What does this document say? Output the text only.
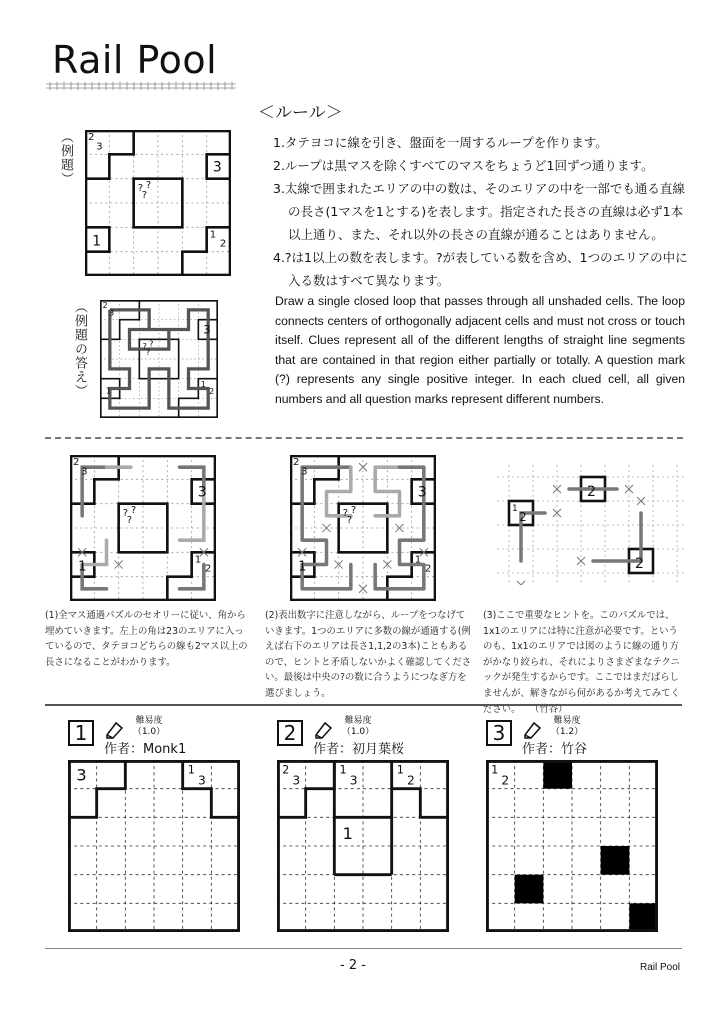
Rail Pool
＜ルール＞
（例題）
（例題の答え）
2
3
3
? ?
?
1	1
2
2
3
3
? ?
?
1
1
2
1.タテヨコに線を引き、盤面を一周するループを作ります。
2.ループは黒マスを除くすべてのマスをちょうど1回ずつ通ります。
3.太線で囲まれたエリアの中の数は、そのエリアの中を一部でも通る直線
の長さ(1マスを1とする)を表します。指定された長さの直線は必ず1本
以上通り、また、それ以外の長さの直線が通ることはありません。
4.?は1以上の数を表します。?が表している数を含め、1つのエリアの中に
入る数はすべて異なります。
Draw a single closed loop that passes through all unshaded cells. The loop connects centers of orthogonally adjacent cells and must not cross or touch itself. Clues represent all of the different lengths of straight line segments that are contained in that region either partially or totally. A question mark (?) represents any single positive integer. In each clued cell, all given numbers and all question marks represent different numbers.
2
3
3
? ?
?
1	1
2
2
3
3
? ?
?
1	1
2
2
1
2
2
(1)全マス通過パズルのセオリーに従い、角から埋めていきます。左上の角は23のエリアに入っているので、タテヨコどちらの線も2マス以上の長さになることがわかります。
(2)表出数字に注意しながら、ループをつなげていきます。1つのエリアに多数の線が通過する(例えば右下のエリアは長さ1,1,2の3本)こともあるので、ヒントと矛盾しないかよく確認してください。最後は中央の?の数に合うようにつなぎ方を選びましょう。
(3)ここで重要なヒントを。このパズルでは、1x1のエリアには特に注意が必要です。というのも、1x1のエリアでは図のように線の通り方がかなり絞られ、それによりさまざまなテクニックが発生するからです。ここではまだばらしませんが、解きながら何があるか考えてみてください。　　（竹谷）
1	難易度
（1.0）
作者：Monk1
2	難易度
（1.0）
作者：初月葉桜
3	難易度
（1.2）
作者：竹谷
3	1
3
2
3
1
3
1
2
1
1
2
- 2 -	Rail Pool
